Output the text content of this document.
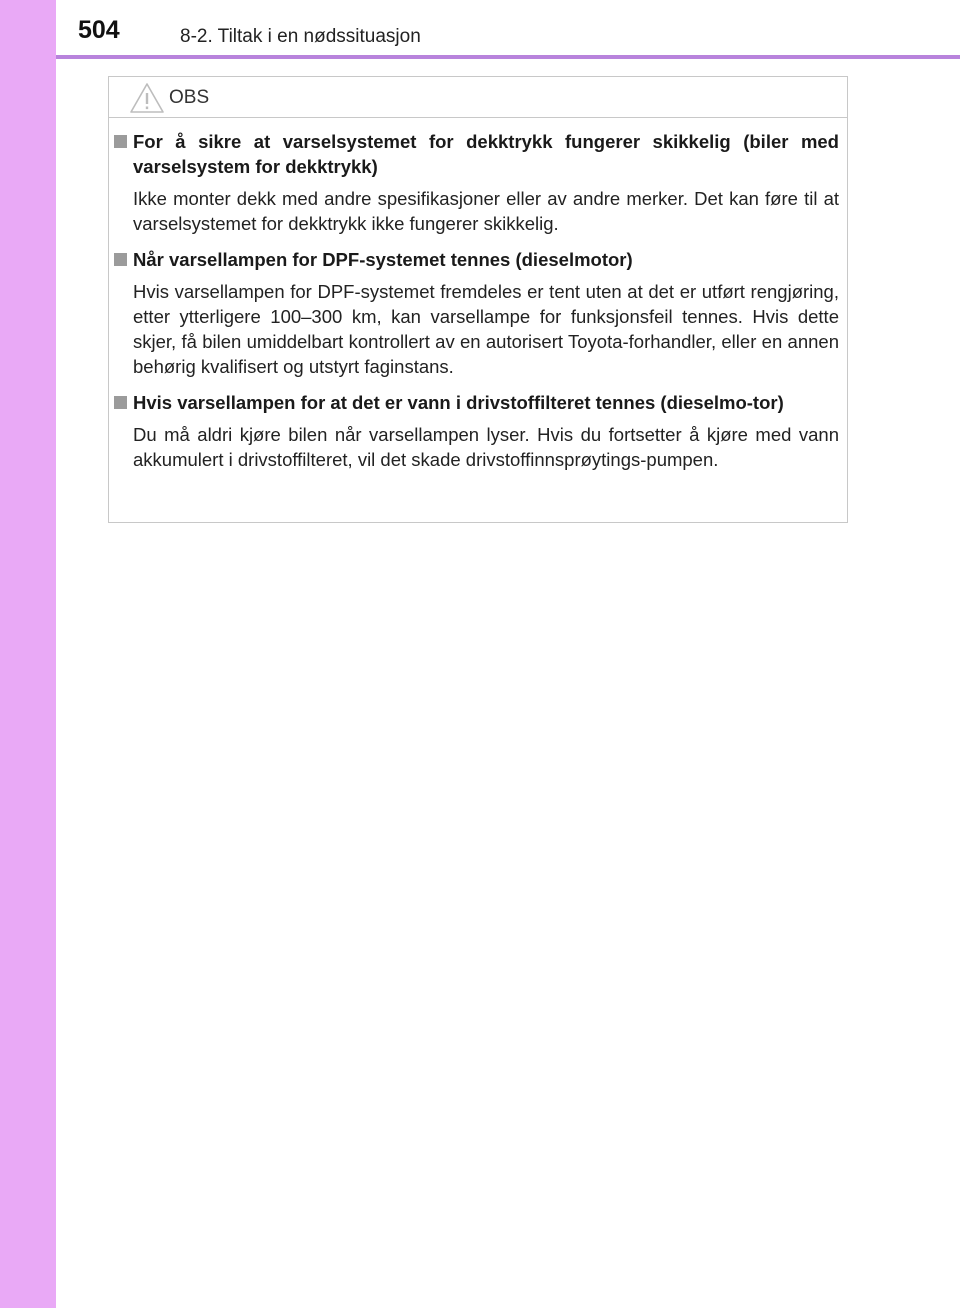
504	8-2. Tiltak i en nødssituasjon
OBS
For å sikre at varselsystemet for dekktrykk fungerer skikkelig (biler med varselsystem for dekktrykk)
Ikke monter dekk med andre spesifikasjoner eller av andre merker. Det kan føre til at varselsystemet for dekktrykk ikke fungerer skikkelig.
Når varsellampen for DPF-systemet tennes (dieselmotor)
Hvis varsellampen for DPF-systemet fremdeles er tent uten at det er utført rengjøring, etter ytterligere 100–300 km, kan varsellampe for funksjonsfeil tennes. Hvis dette skjer, få bilen umiddelbart kontrollert av en autorisert Toyota-forhandler, eller en annen behørig kvalifisert og utstyrt faginstans.
Hvis varsellampen for at det er vann i drivstoffilteret tennes (dieselmo-tor)
Du må aldri kjøre bilen når varsellampen lyser. Hvis du fortsetter å kjøre med vann akkumulert i drivstoffilteret, vil det skade drivstoffinnsprøytings-pumpen.
